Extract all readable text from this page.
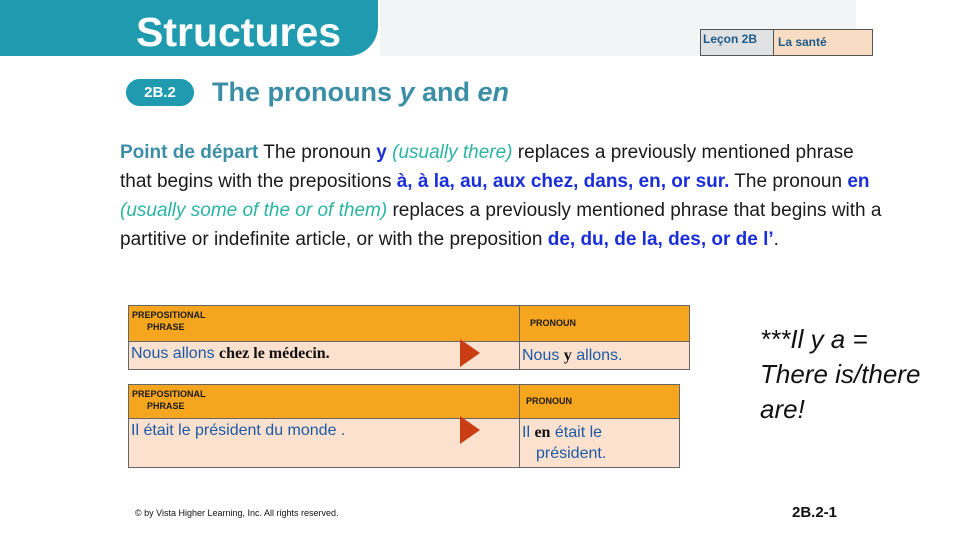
Structures	Leçon 2B	La santé
2B.2	The pronouns y and en
Point de départ The pronoun y (usually there) replaces a previously mentioned phrase that begins with the prepositions à, à la, au, aux chez, dans, en, or sur. The pronoun en (usually some of the or of them) replaces a previously mentioned phrase that begins with a partitive or indefinite article, or with the preposition de, du, de la, des, or de l’.
PREPOSITIONAL
PHRASE	PRONOUN
Nous allons chez le médecin.	Nous y allons.
PREPOSITIONAL
PHRASE	PRONOUN
Il était le président du monde .	Il en était le
président.
***Il y a = There is/there are!
© by Vista Higher Learning, Inc. All rights reserved.	2B.2-1
